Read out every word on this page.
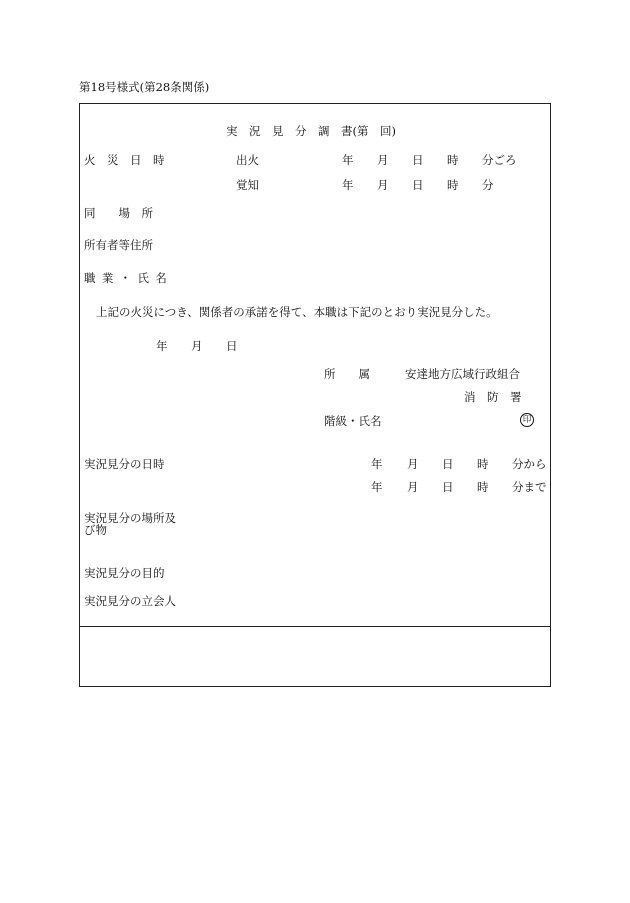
第18号様式(第28条関係)
実　況　見　分　調　書(第　回)
火　災　日　時	出火	年 月 日 時 分ごろ
覚知	年 月 日 時 分
同　　場　所
所有者等住所
職業・氏名
上記の火災につき、関係者の承諾を得て、本職は下記のとおり実況見分した。
年 月 日
所　　属	安達地方広域行政組合
消　防　署
階級・氏名	印
実況見分の日時	年 月 日 時 分から
年 月 日 時 分まで
実況見分の場所及
び物
実況見分の目的
実況見分の立会人
